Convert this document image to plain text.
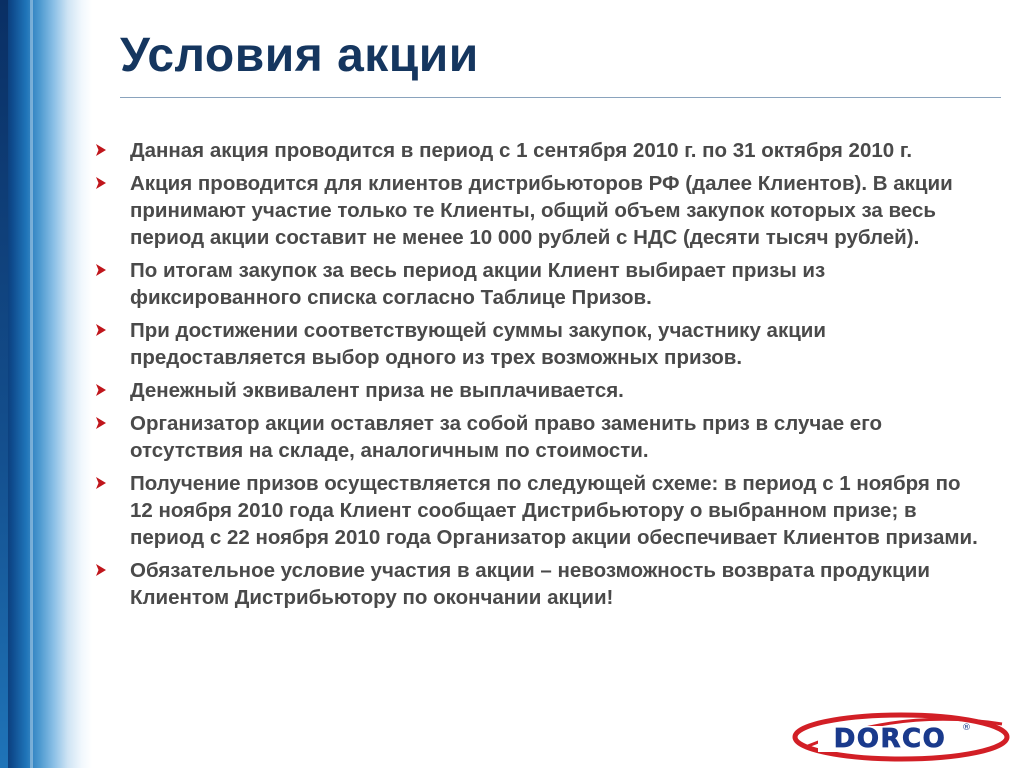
Условия акции
Данная акция проводится в период с 1 сентября 2010 г. по 31 октября 2010 г.
Акция проводится для клиентов дистрибьюторов РФ (далее Клиентов). В акции принимают участие только те Клиенты, общий объем закупок которых за весь период акции составит не менее 10 000 рублей с НДС (десяти тысяч рублей).
По итогам закупок за весь период акции Клиент выбирает призы из фиксированного списка согласно Таблице Призов.
При достижении соответствующей суммы закупок, участнику акции предоставляется выбор одного из трех возможных призов.
Денежный эквивалент приза не выплачивается.
Организатор акции оставляет за собой право заменить приз в случае его отсутствия на складе, аналогичным по стоимости.
Получение призов осуществляется по следующей схеме: в период с 1 ноября по 12 ноября 2010 года Клиент сообщает Дистрибьютору о выбранном призе; в период с 22 ноября 2010 года Организатор акции обеспечивает Клиентов призами.
Обязательное условие участия в акции – невозможность возврата продукции Клиентом Дистрибьютору по окончании акции!
DORCO ®
